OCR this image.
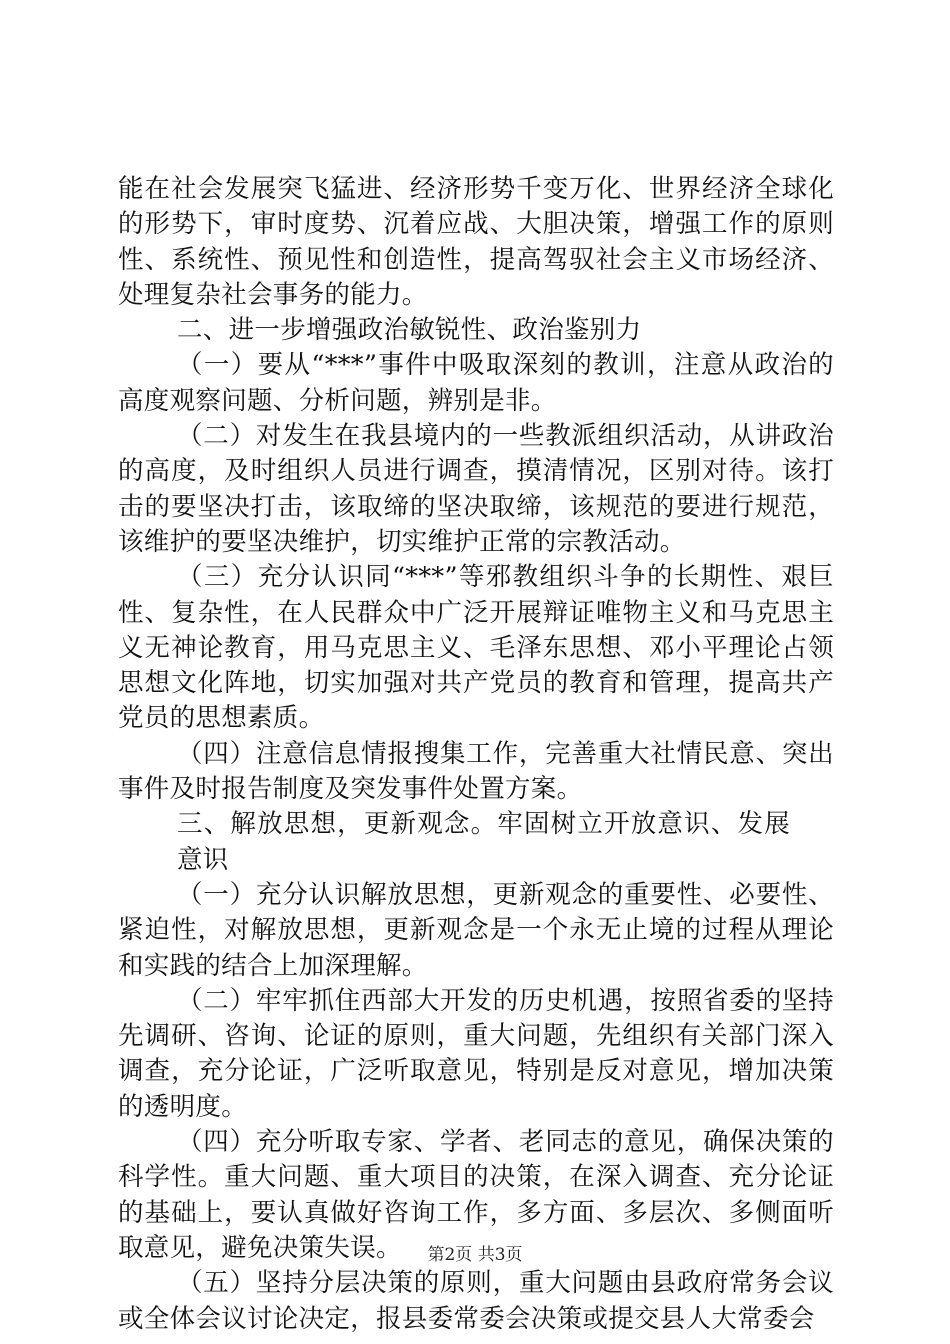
能在社会发展突飞猛进、经济形势千变万化、世界经济全球化的形势下，审时度势、沉着应战、大胆决策，增强工作的原则性、系统性、预见性和创造性，提高驾驭社会主义市场经济、处理复杂社会事务的能力。

二、进一步增强政治敏锐性、政治鉴别力

（一）要从“***”事件中吸取深刻的教训，注意从政治的高度观察问题、分析问题，辨别是非。

（二）对发生在我县境内的一些教派组织活动，从讲政治的高度，及时组织人员进行调查，摸清情况，区别对待。该打击的要坚决打击，该取缔的坚决取缔，该规范的要进行规范，该维护的要坚决维护，切实维护正常的宗教活动。

（三）充分认识同“***”等邪教组织斗争的长期性、艰巨性、复杂性，在人民群众中广泛开展辩证唯物主义和马克思主义无神论教育，用马克思主义、毛泽东思想、邓小平理论占领思想文化阵地，切实加强对共产党员的教育和管理，提高共产党员的思想素质。

（四）注意信息情报搜集工作，完善重大社情民意、突出事件及时报告制度及突发事件处置方案。

三、解放思想，更新观念。牢固树立开放意识、发展意识

（一）充分认识解放思想，更新观念的重要性、必要性、紧迫性，对解放思想，更新观念是一个永无止境的过程从理论和实践的结合上加深理解。

（二）牢牢抓住西部大开发的历史机遇，按照省委的坚持先调研、咨询、论证的原则，重大问题，先组织有关部门深入调查，充分论证，广泛听取意见，特别是反对意见，增加决策的透明度。

（四）充分听取专家、学者、老同志的意见，确保决策的科学性。重大问题、重大项目的决策，在深入调查、充分论证的基础上，要认真做好咨询工作，多方面、多层次、多侧面听取意见，避免决策失误。

（五）坚持分层决策的原则，重大问题由县政府常务会议或全体会议讨论决定，报县委常委会决策或提交县人大常委会

第2页 共3页
